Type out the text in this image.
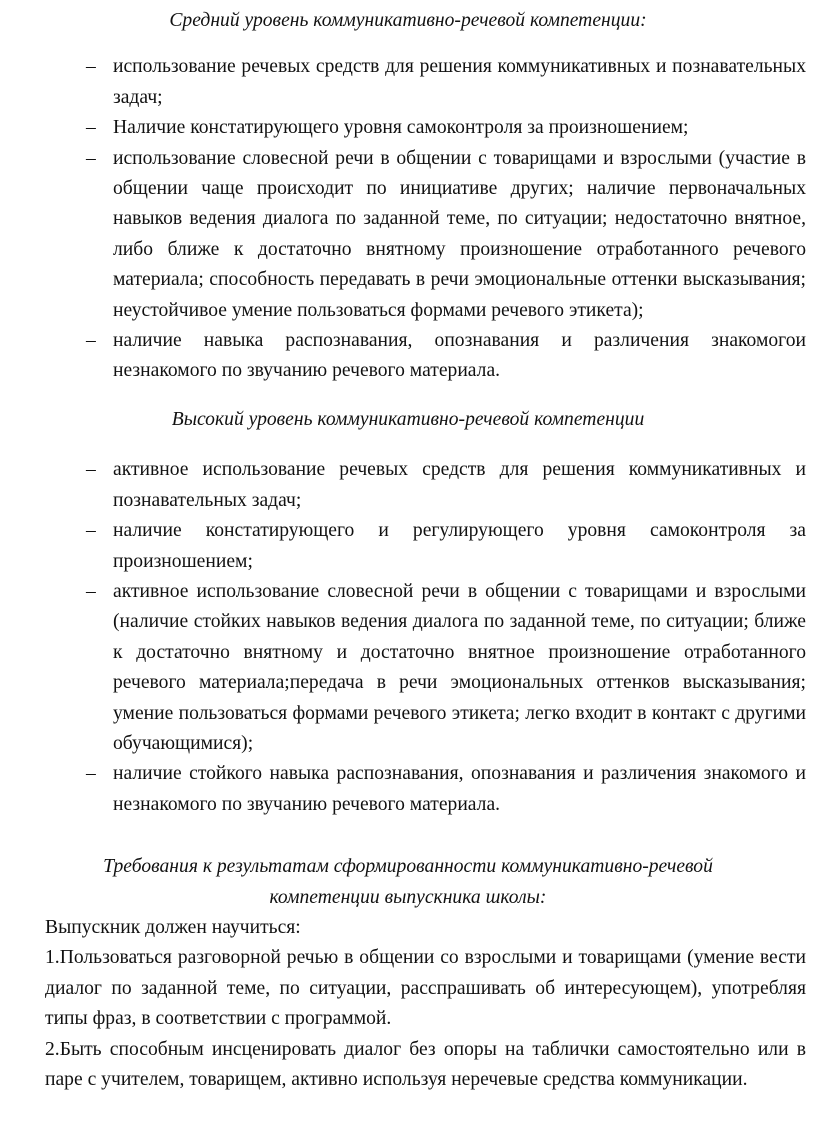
Средний уровень коммуникативно-речевой компетенции:

– использование речевых средств для решения коммуникативных и познавательных задач;
– Наличие констатирующего уровня самоконтроля за произношением;
– использование словесной речи в общении с товарищами и взрослыми (участие в общении чаще происходит по инициативе других; наличие первоначальных навыков ведения диалога по заданной теме, по ситуации; недостаточно внятное, либо ближе к достаточно внятному произношение отработанного речевого материала; способность передавать в речи эмоциональные оттенки высказывания; неустойчивое умение пользоваться формами речевого этикета);
– наличие навыка распознавания, опознавания и различения знакомогои незнакомого по звучанию речевого материала.

Высокий уровень коммуникативно-речевой компетенции

– активное использование речевых средств для решения коммуникативных и познавательных задач;
– наличие констатирующего и регулирующего уровня самоконтроля за произношением;
– активное использование словесной речи в общении с товарищами и взрослыми (наличие стойких навыков ведения диалога по заданной теме, по ситуации; ближе к достаточно внятному и достаточно внятное произношение отработанного речевого материала;передача в речи эмоциональных оттенков высказывания; умение пользоваться формами речевого этикета; легко входит в контакт с другими обучающимися);
– наличие стойкого навыка распознавания, опознавания и различения знакомого и незнакомого по звучанию речевого материала.

Требования к результатам сформированности коммуникативно-речевой компетенции выпускника школы:

Выпускник должен научиться:

1.Пользоваться разговорной речью в общении со взрослыми и товарищами (умение вести диалог по заданной теме, по ситуации, расспрашивать об интересующем), употребляя типы фраз, в соответствии с программой.
2.Быть способным инсценировать диалог без опоры на таблички самостоятельно или в паре с учителем, товарищем, активно используя неречевые средства коммуникации.
